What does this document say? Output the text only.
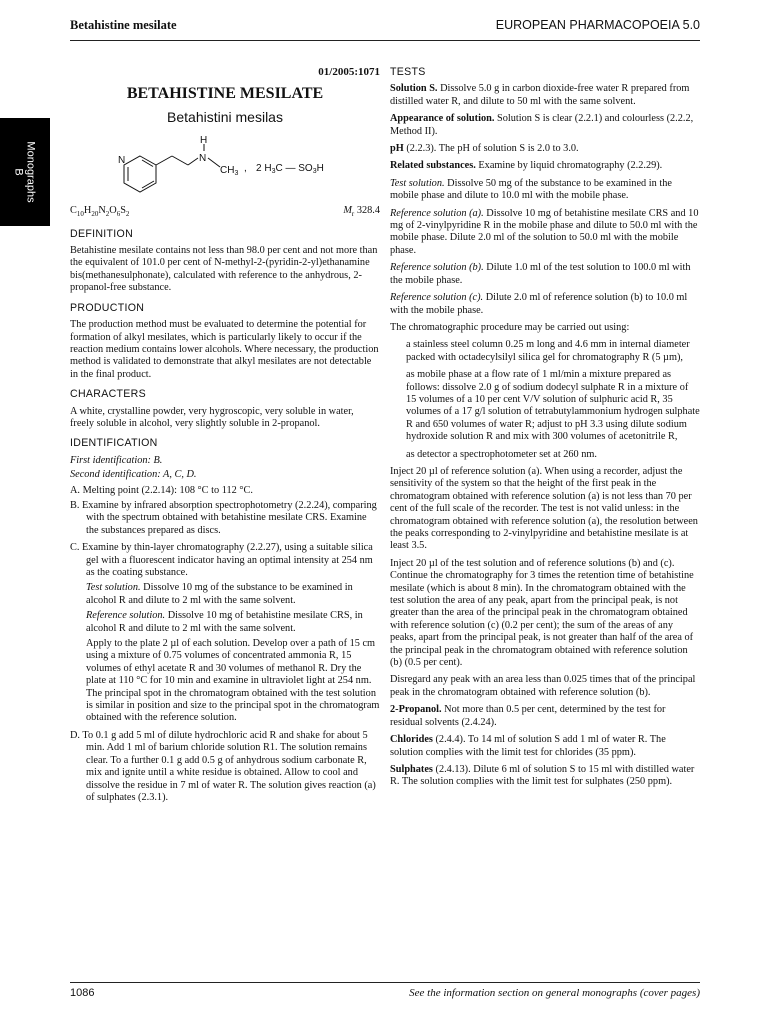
Betahistine mesilate	EUROPEAN PHARMACOPOEIA 5.0
Monographs
B
01/2005:1071
BETAHISTINE MESILATE
Betahistini mesilas
N
H
N
$CH_3$ , 2 $H_3C$ — $SO_3H$
$C_{10}H_{20}N_2O_6S_2$	$M_r$ 328.4
DEFINITION

Betahistine mesilate contains not less than 98.0 per cent and not more than the equivalent of 101.0 per cent of N-methyl-2-(pyridin-2-yl)ethanamine bis(methanesulphonate), calculated with reference to the anhydrous, 2-propanol-free substance.

PRODUCTION

The production method must be evaluated to determine the potential for formation of alkyl mesilates, which is particularly likely to occur if the reaction medium contains lower alcohols. Where necessary, the production method is validated to demonstrate that alkyl mesilates are not detectable in the final product.

CHARACTERS

A white, crystalline powder, very hygroscopic, very soluble in water, freely soluble in alcohol, very slightly soluble in 2-propanol.

IDENTIFICATION

First identification: B.

Second identification: A, C, D.

A. Melting point (2.2.14): 108 °C to 112 °C.

B. Examine by infrared absorption spectrophotometry (2.2.24), comparing with the spectrum obtained with betahistine mesilate CRS. Examine the substances prepared as discs.

C. Examine by thin-layer chromatography (2.2.27), using a suitable silica gel with a fluorescent indicator having an optimal intensity at 254 nm as the coating substance.

Test solution. Dissolve 10 mg of the substance to be examined in alcohol R and dilute to 2 ml with the same solvent.

Reference solution. Dissolve 10 mg of betahistine mesilate CRS, in alcohol R and dilute to 2 ml with the same solvent.

Apply to the plate 2 µl of each solution. Develop over a path of 15 cm using a mixture of 0.75 volumes of concentrated ammonia R, 15 volumes of ethyl acetate R and 30 volumes of methanol R. Dry the plate at 110 °C for 10 min and examine in ultraviolet light at 254 nm. The principal spot in the chromatogram obtained with the test solution is similar in position and size to the principal spot in the chromatogram obtained with the reference solution.

D. To 0.1 g add 5 ml of dilute hydrochloric acid R and shake for about 5 min. Add 1 ml of barium chloride solution R1. The solution remains clear. To a further 0.1 g add 0.5 g of anhydrous sodium carbonate R, mix and ignite until a white residue is obtained. Allow to cool and dissolve the residue in 7 ml of water R. The solution gives reaction (a) of sulphates (2.3.1).

TESTS

Solution S. Dissolve 5.0 g in carbon dioxide-free water R prepared from distilled water R, and dilute to 50 ml with the same solvent.

Appearance of solution. Solution S is clear (2.2.1) and colourless (2.2.2, Method II).

pH (2.2.3). The pH of solution S is 2.0 to 3.0.

Related substances. Examine by liquid chromatography (2.2.29).

Test solution. Dissolve 50 mg of the substance to be examined in the mobile phase and dilute to 10.0 ml with the mobile phase.

Reference solution (a). Dissolve 10 mg of betahistine mesilate CRS and 10 mg of 2-vinylpyridine R in the mobile phase and dilute to 50.0 ml with the mobile phase. Dilute 2.0 ml of the solution to 50.0 ml with the mobile phase.

Reference solution (b). Dilute 1.0 ml of the test solution to 100.0 ml with the mobile phase.

Reference solution (c). Dilute 2.0 ml of reference solution (b) to 10.0 ml with the mobile phase.

The chromatographic procedure may be carried out using:

a stainless steel column 0.25 m long and 4.6 mm in internal diameter packed with octadecylsilyl silica gel for chromatography R (5 µm),

as mobile phase at a flow rate of 1 ml/min a mixture prepared as follows: dissolve 2.0 g of sodium dodecyl sulphate R in a mixture of 15 volumes of a 10 per cent V/V solution of sulphuric acid R, 35 volumes of a 17 g/l solution of tetrabutylammonium hydrogen sulphate R and 650 volumes of water R; adjust to pH 3.3 using dilute sodium hydroxide solution R and mix with 300 volumes of acetonitrile R,

as detector a spectrophotometer set at 260 nm.

Inject 20 µl of reference solution (a). When using a recorder, adjust the sensitivity of the system so that the height of the first peak in the chromatogram obtained with reference solution (a) is not less than 70 per cent of the full scale of the recorder. The test is not valid unless: in the chromatogram obtained with reference solution (a), the resolution between the peaks corresponding to 2-vinylpyridine and betahistine mesilate is at least 3.5.

Inject 20 µl of the test solution and of reference solutions (b) and (c). Continue the chromatography for 3 times the retention time of betahistine mesilate (which is about 8 min). In the chromatogram obtained with the test solution the area of any peak, apart from the principal peak, is not greater than the area of the principal peak in the chromatogram obtained with reference solution (c) (0.2 per cent); the sum of the areas of any peaks, apart from the principal peak, is not greater than half of the area of the principal peak in the chromatogram obtained with reference solution (b) (0.5 per cent).

Disregard any peak with an area less than 0.025 times that of the principal peak in the chromatogram obtained with reference solution (b).

2-Propanol. Not more than 0.5 per cent, determined by the test for residual solvents (2.4.24).

Chlorides (2.4.4). To 14 ml of solution S add 1 ml of water R. The solution complies with the limit test for chlorides (35 ppm).

Sulphates (2.4.13). Dilute 6 ml of solution S to 15 ml with distilled water R. The solution complies with the limit test for sulphates (250 ppm).

1086	See the information section on general monographs (cover pages)
